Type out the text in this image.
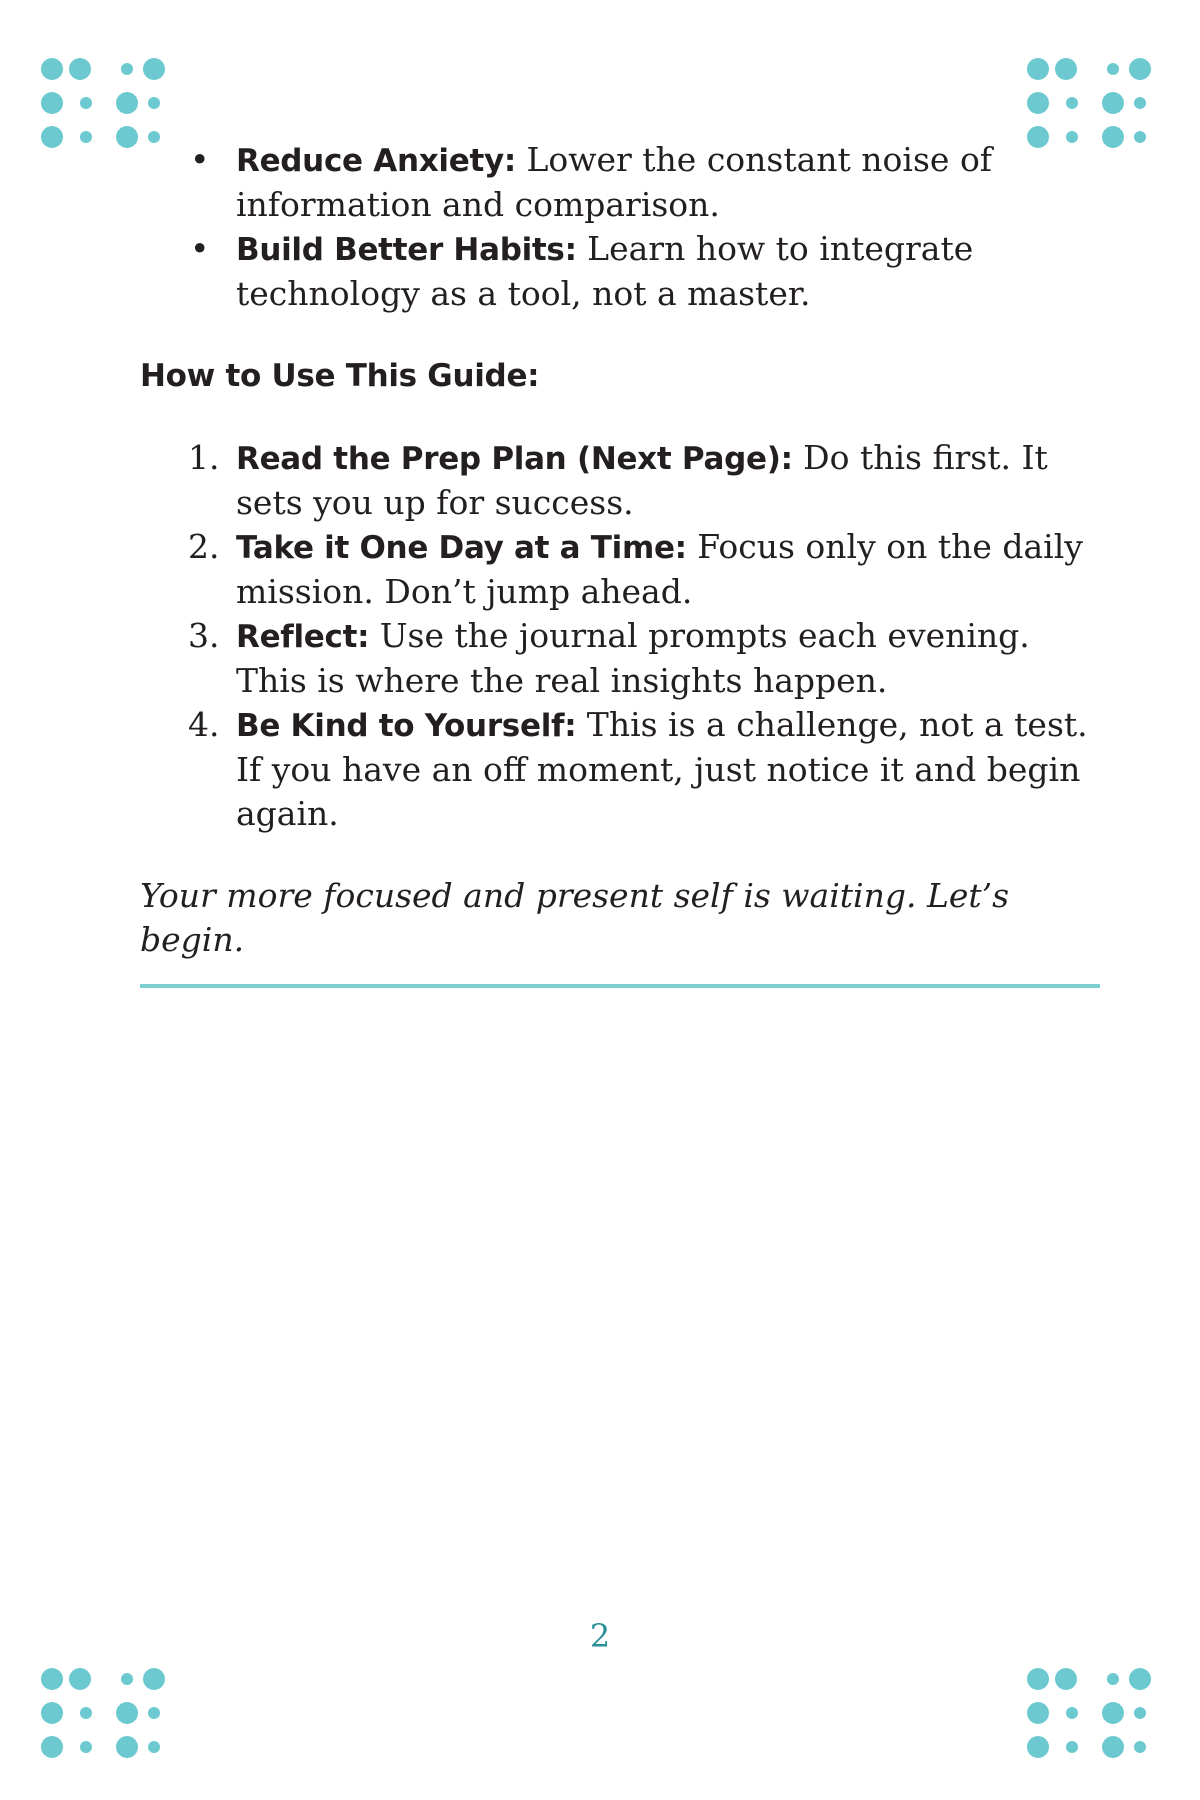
• Reduce Anxiety: Lower the constant noise of information and comparison.
• Build Better Habits: Learn how to integrate technology as a tool, not a master.
How to Use This Guide:
1. Read the Prep Plan (Next Page): Do this first. It sets you up for success.
2. Take it One Day at a Time: Focus only on the daily mission. Don’t jump ahead.
3. Reflect: Use the journal prompts each evening. This is where the real insights happen.
4. Be Kind to Yourself: This is a challenge, not a test. If you have an off moment, just notice it and begin again.

Your more focused and present self is waiting. Let’s begin.

2
